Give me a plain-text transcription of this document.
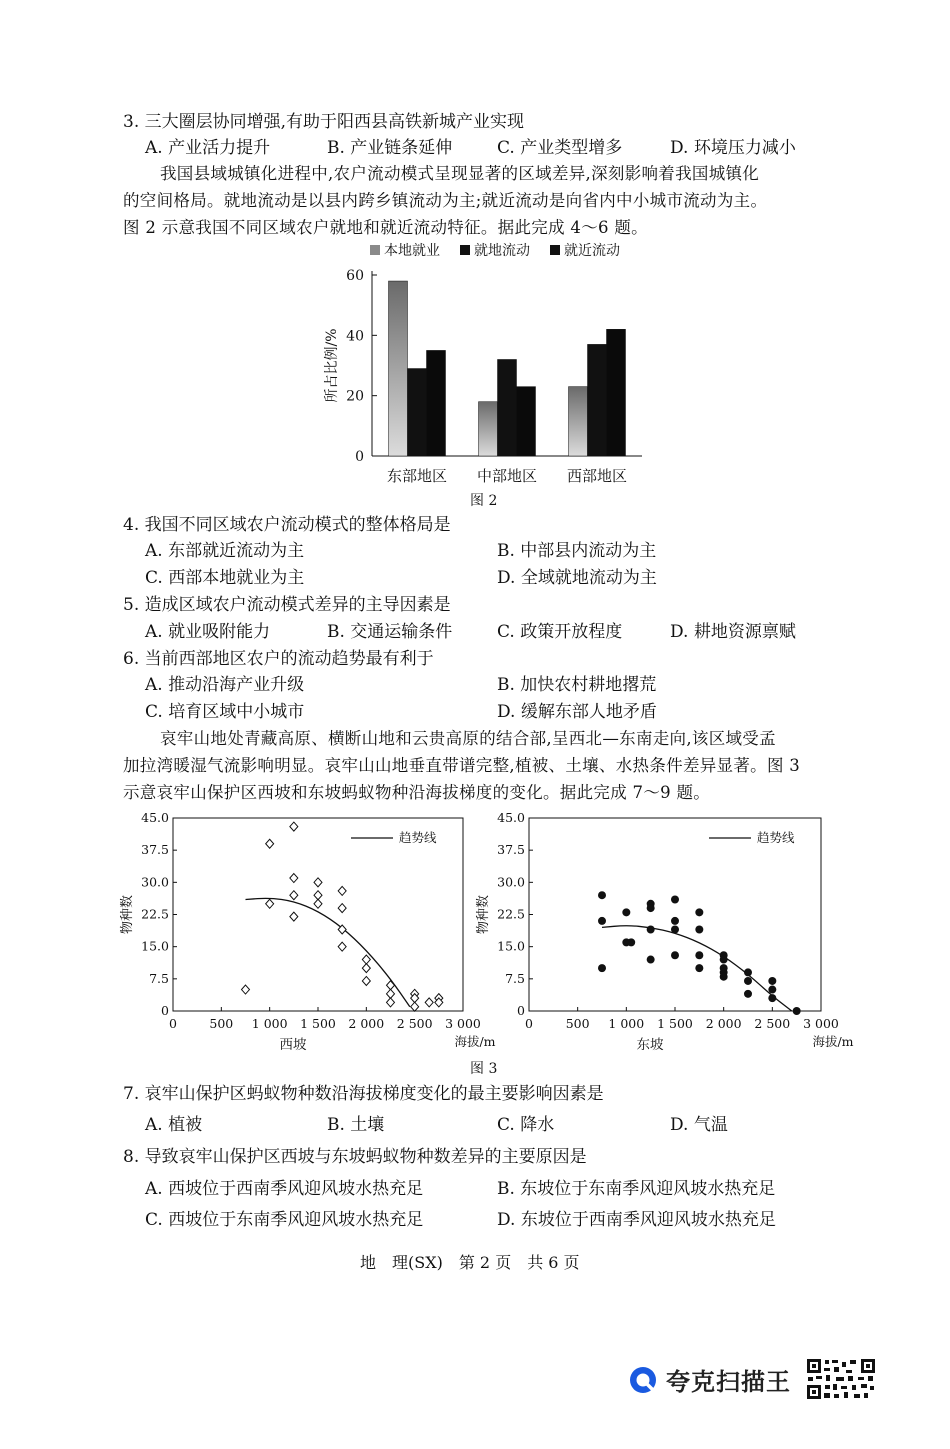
3. 三大圈层协同增强,有助于阳西县高铁新城产业实现
A. 产业活力提升	B. 产业链条延伸	C. 产业类型增多	D. 环境压力减小
我国县域城镇化进程中,农户流动模式呈现显著的区域差异,深刻影响着我国城镇化
的空间格局。就地流动是以县内跨乡镇流动为主;就近流动是向省内中小城市流动为主。
图 2 示意我国不同区域农户就地和就近流动特征。据此完成 4～6 题。
本地就业 就地流动 就近流动
0
20
40
60
所占比例/%
东部地区 中部地区 西部地区
图 2
4. 我国不同区域农户流动模式的整体格局是
A. 东部就近流动为主	B. 中部县内流动为主
C. 西部本地就业为主	D. 全域就地流动为主
5. 造成区域农户流动模式差异的主导因素是
A. 就业吸附能力	B. 交通运输条件	C. 政策开放程度	D. 耕地资源禀赋
6. 当前西部地区农户的流动趋势最有利于
A. 推动沿海产业升级	B. 加快农村耕地撂荒
C. 培育区域中小城市	D. 缓解东部人地矛盾
哀牢山地处青藏高原、横断山地和云贵高原的结合部,呈西北—东南走向,该区域受孟
加拉湾暖湿气流影响明显。哀牢山山地垂直带谱完整,植被、土壤、水热条件差异显著。图 3
示意哀牢山保护区西坡和东坡蚂蚁物种沿海拔梯度的变化。据此完成 7～9 题。
0
7.5
15.0
22.5
30.0
37.5
45.0
0	500 1 000 1 500 2 000 2 500 3 000
物种数
西坡	海拔/m
趋势线
0
7.5
15.0
22.5
30.0
37.5
45.0
0	500 1 000 1 500 2 000 2 500 3 000
物种数
东坡	海拔/m
趋势线
图 3
7. 哀牢山保护区蚂蚁物种数沿海拔梯度变化的最主要影响因素是
A. 植被	B. 土壤	C. 降水	D. 气温
8. 导致哀牢山保护区西坡与东坡蚂蚁物种数差异的主要原因是
A. 西坡位于西南季风迎风坡水热充足	B. 东坡位于东南季风迎风坡水热充足
C. 西坡位于东南季风迎风坡水热充足	D. 东坡位于西南季风迎风坡水热充足
地　理(SX)　第 2 页　共 6 页
夸克扫描王
